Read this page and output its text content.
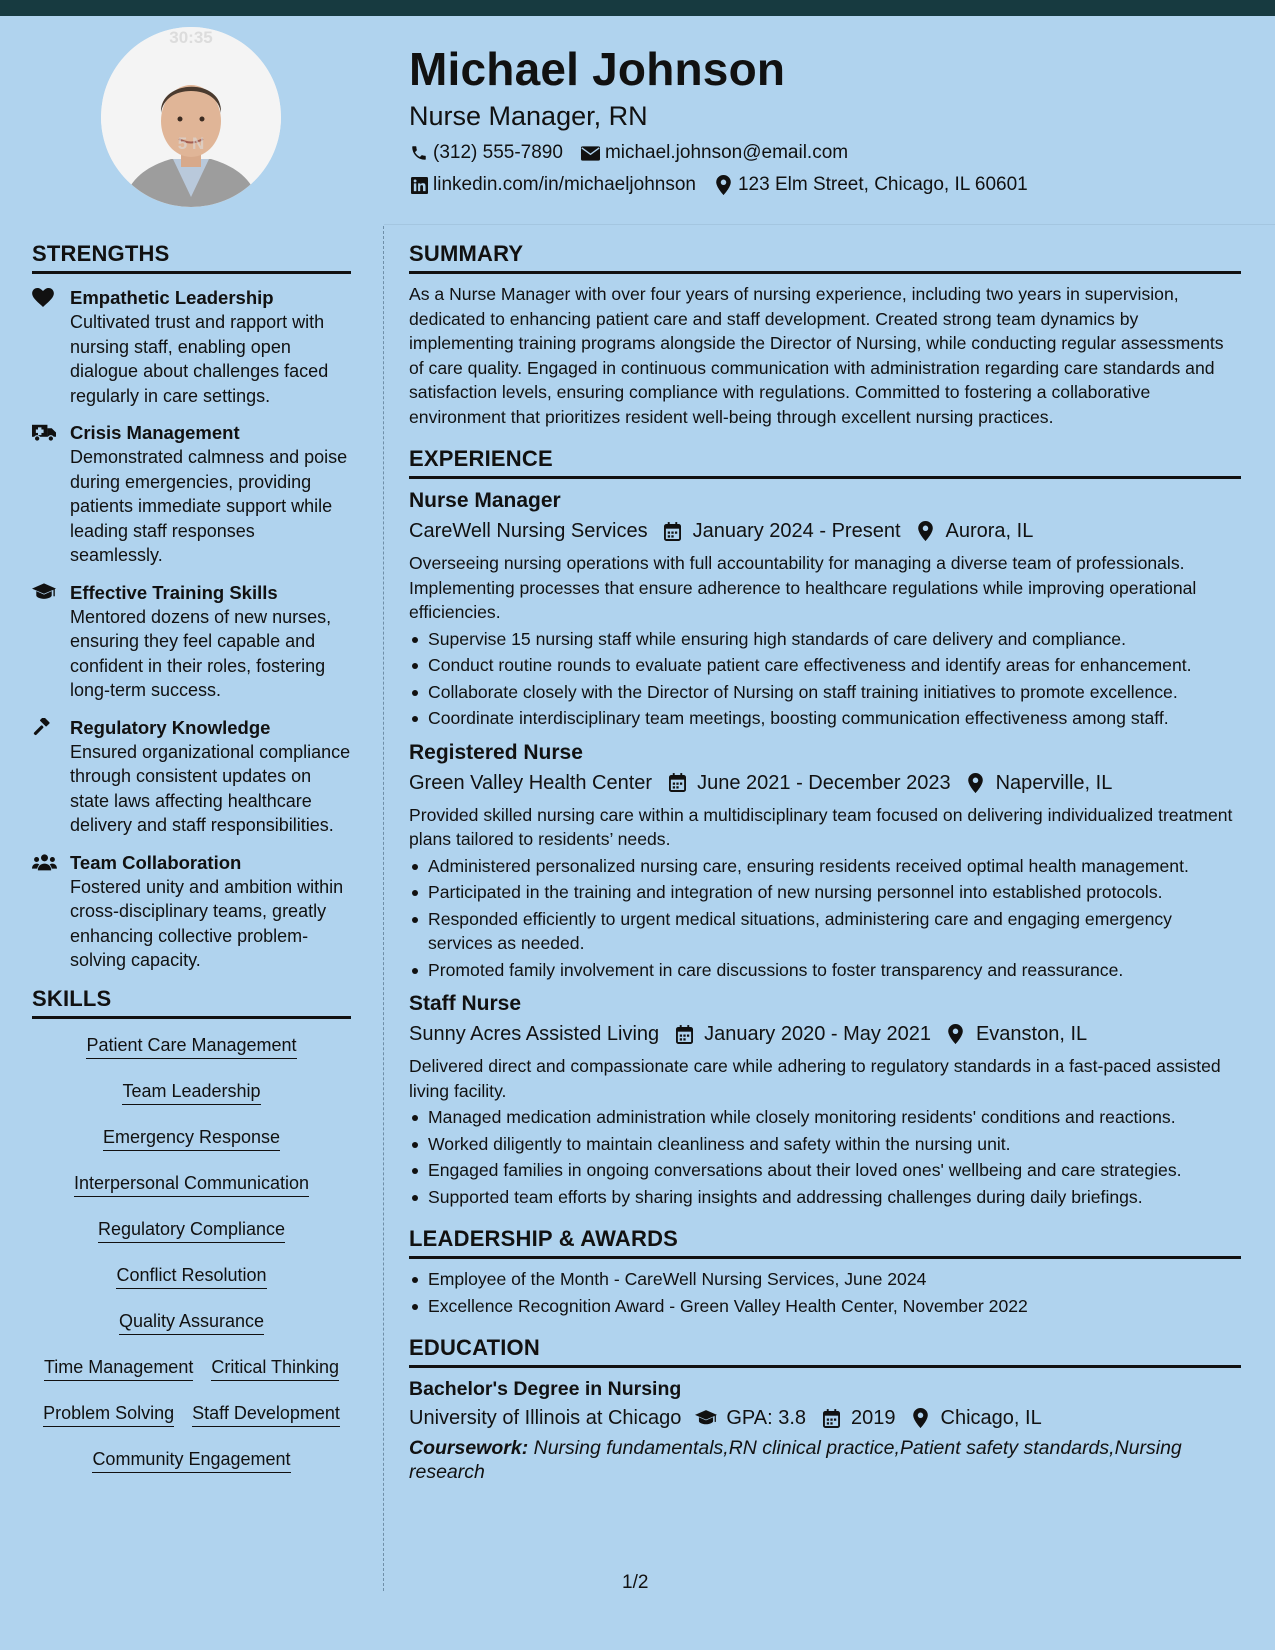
30:35
5 N
Michael Johnson
Nurse Manager, RN
(312) 555-7890 michael.johnson@email.com
linkedin.com/in/michaeljohnson 123 Elm Street, Chicago, IL 60601
STRENGTHS
Empathetic Leadership
Cultivated trust and rapport with nursing staff, enabling open dialogue about challenges faced regularly in care settings.
Crisis Management
Demonstrated calmness and poise during emergencies, providing patients immediate support while leading staff responses seamlessly.
Effective Training Skills
Mentored dozens of new nurses, ensuring they feel capable and confident in their roles, fostering long-term success.
Regulatory Knowledge
Ensured organizational compliance through consistent updates on state laws affecting healthcare delivery and staff responsibilities.
Team Collaboration
Fostered unity and ambition within cross-disciplinary teams, greatly enhancing collective problem-solving capacity.
SKILLS
Patient Care Management
Team Leadership
Emergency Response
Interpersonal Communication
Regulatory Compliance
Conflict Resolution
Quality Assurance
Time Management Critical Thinking
Problem Solving Staff Development
Community Engagement
SUMMARY
As a Nurse Manager with over four years of nursing experience, including two years in supervision, dedicated to enhancing patient care and staff development. Created strong team dynamics by implementing training programs alongside the Director of Nursing, while conducting regular assessments of care quality. Engaged in continuous communication with administration regarding care standards and satisfaction levels, ensuring compliance with regulations. Committed to fostering a collaborative environment that prioritizes resident well-being through excellent nursing practices.
EXPERIENCE
Nurse Manager
CareWell Nursing Services January 2024 - Present Aurora, IL
Overseeing nursing operations with full accountability for managing a diverse team of professionals. Implementing processes that ensure adherence to healthcare regulations while improving operational efficiencies.
Supervise 15 nursing staff while ensuring high standards of care delivery and compliance.
Conduct routine rounds to evaluate patient care effectiveness and identify areas for enhancement.
Collaborate closely with the Director of Nursing on staff training initiatives to promote excellence.
Coordinate interdisciplinary team meetings, boosting communication effectiveness among staff.
Registered Nurse
Green Valley Health Center June 2021 - December 2023 Naperville, IL
Provided skilled nursing care within a multidisciplinary team focused on delivering individualized treatment plans tailored to residents’ needs.
Administered personalized nursing care, ensuring residents received optimal health management.
Participated in the training and integration of new nursing personnel into established protocols.
Responded efficiently to urgent medical situations, administering care and engaging emergency services as needed.
Promoted family involvement in care discussions to foster transparency and reassurance.
Staff Nurse
Sunny Acres Assisted Living January 2020 - May 2021 Evanston, IL
Delivered direct and compassionate care while adhering to regulatory standards in a fast-paced assisted living facility.
Managed medication administration while closely monitoring residents' conditions and reactions.
Worked diligently to maintain cleanliness and safety within the nursing unit.
Engaged families in ongoing conversations about their loved ones' wellbeing and care strategies.
Supported team efforts by sharing insights and addressing challenges during daily briefings.
LEADERSHIP & AWARDS
Employee of the Month - CareWell Nursing Services, June 2024
Excellence Recognition Award - Green Valley Health Center, November 2022
EDUCATION
Bachelor's Degree in Nursing
University of Illinois at Chicago GPA: 3.8 2019 Chicago, IL
Coursework: Nursing fundamentals,RN clinical practice,Patient safety standards,Nursing research
1/2
